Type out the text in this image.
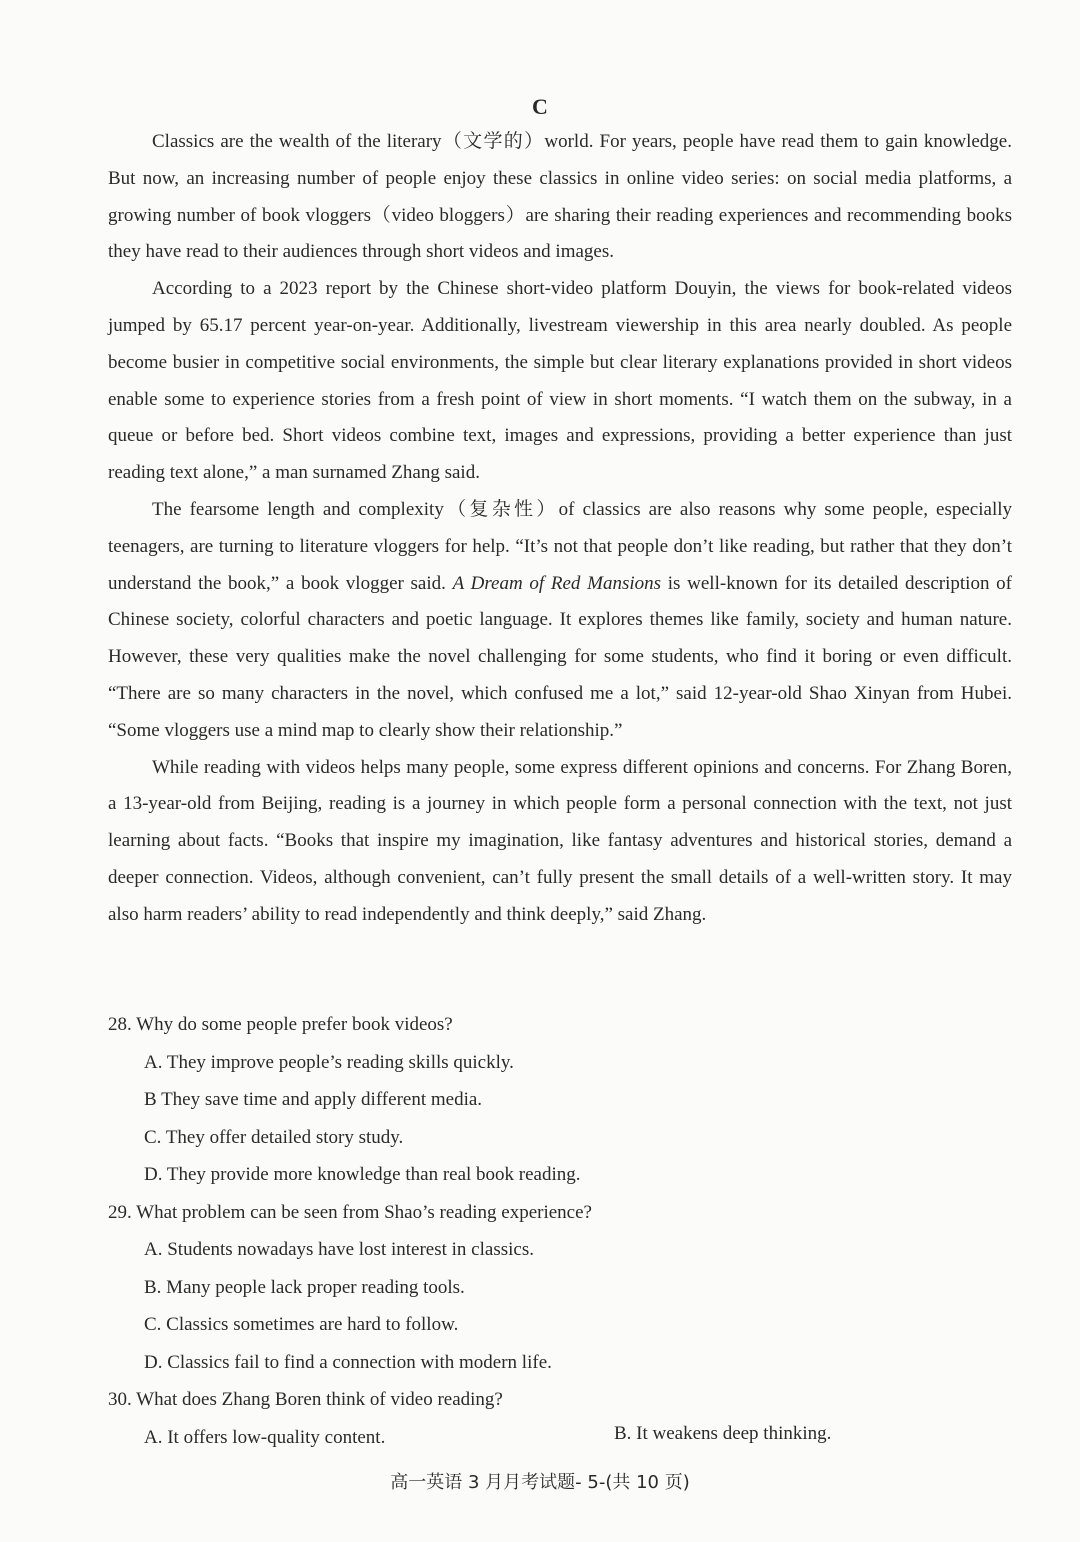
C

Classics are the wealth of the literary（文学的）world. For years, people have read them to gain knowledge. But now, an increasing number of people enjoy these classics in online video series: on social media platforms, a growing number of book vloggers（video bloggers）are sharing their reading experiences and recommending books they have read to their audiences through short videos and images.

According to a 2023 report by the Chinese short-video platform Douyin, the views for book-related videos jumped by 65.17 percent year-on-year. Additionally, livestream viewership in this area nearly doubled. As people become busier in competitive social environments, the simple but clear literary explanations provided in short videos enable some to experience stories from a fresh point of view in short moments. “I watch them on the subway, in a queue or before bed. Short videos combine text, images and expressions, providing a better experience than just reading text alone,” a man surnamed Zhang said.

The fearsome length and complexity（复杂性）of classics are also reasons why some people, especially teenagers, are turning to literature vloggers for help. “It’s not that people don’t like reading, but rather that they don’t understand the book,” a book vlogger said. A Dream of Red Mansions is well-known for its detailed description of Chinese society, colorful characters and poetic language. It explores themes like family, society and human nature. However, these very qualities make the novel challenging for some students, who find it boring or even difficult. “There are so many characters in the novel, which confused me a lot,” said 12-year-old Shao Xinyan from Hubei. “Some vloggers use a mind map to clearly show their relationship.”

While reading with videos helps many people, some express different opinions and concerns. For Zhang Boren, a 13-year-old from Beijing, reading is a journey in which people form a personal connection with the text, not just learning about facts. “Books that inspire my imagination, like fantasy adventures and historical stories, demand a deeper connection. Videos, although convenient, can’t fully present the small details of a well-written story. It may also harm readers’ ability to read independently and think deeply,” said Zhang.

28. Why do some people prefer book videos?
A. They improve people’s reading skills quickly.
B They save time and apply different media.
C. They offer detailed story study.
D. They provide more knowledge than real book reading.
29. What problem can be seen from Shao’s reading experience?
A. Students nowadays have lost interest in classics.
B. Many people lack proper reading tools.
C. Classics sometimes are hard to follow.
D. Classics fail to find a connection with modern life.
30. What does Zhang Boren think of video reading?
A. It offers low-quality content.	B. It weakens deep thinking.
高一英语 3 月月考试题- 5-(共 10 页)
